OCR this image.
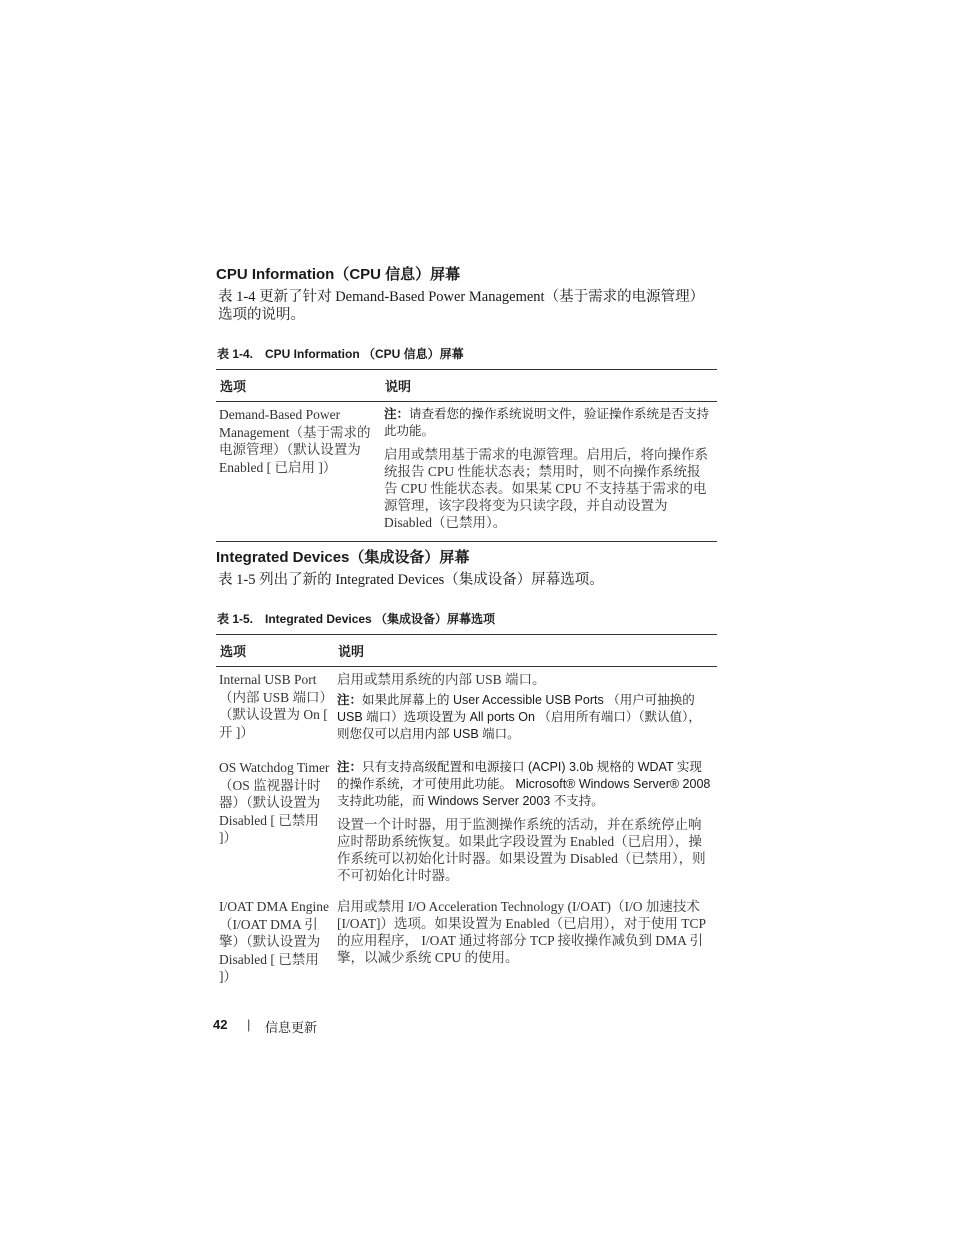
CPU Information（CPU 信息）屏幕

表 1-4 更新了针对 Demand-Based Power Management（基于需求的电源管理）选项的说明。

表 1-4.　CPU Information （CPU 信息）屏幕

选项	说明
Demand-Based Power Management（基于需求的电源管理）（默认设置为 Enabled [ 已启用 ]）	注：请查看您的操作系统说明文件，验证操作系统是否支持此功能。

启用或禁用基于需求的电源管理。启用后，将向操作系统报告 CPU 性能状态表；禁用时，则不向操作系统报告 CPU 性能状态表。如果某 CPU 不支持基于需求的电源管理，该字段将变为只读字段，并自动设置为 Disabled（已禁用）。

Integrated Devices（集成设备）屏幕

表 1-5 列出了新的 Integrated Devices（集成设备）屏幕选项。

表 1-5.　Integrated Devices （集成设备）屏幕选项

选项	说明
Internal USB Port（内部 USB 端口）（默认设置为 On [ 开 ]）	启用或禁用系统的内部 USB 端口。

注：如果此屏幕上的 User Accessible USB Ports （用户可抽换的 USB 端口）选项设置为 All ports On （启用所有端口）（默认值），则您仅可以启用内部 USB 端口。

OS Watchdog Timer（OS 监视器计时器）（默认设置为 Disabled [ 已禁用 ]）	注：只有支持高级配置和电源接口 (ACPI) 3.0b 规格的 WDAT 实现的操作系统，才可使用此功能。 Microsoft® Windows Server® 2008 支持此功能，而 Windows Server 2003 不支持。

设置一个计时器，用于监测操作系统的活动，并在系统停止响应时帮助系统恢复。如果此字段设置为 Enabled（已启用），操作系统可以初始化计时器。如果设置为 Disabled（已禁用），则不可初始化计时器。

I/OAT DMA Engine（I/OAT DMA 引擎）（默认设置为 Disabled [ 已禁用 ]）	启用或禁用 I/O Acceleration Technology (I/OAT)（I/O 加速技术 [I/OAT]）选项。如果设置为 Enabled（已启用），对于使用 TCP 的应用程序， I/OAT 通过将部分 TCP 接收操作减负到 DMA 引擎，以减少系统 CPU 的使用。

42 | 信息更新
